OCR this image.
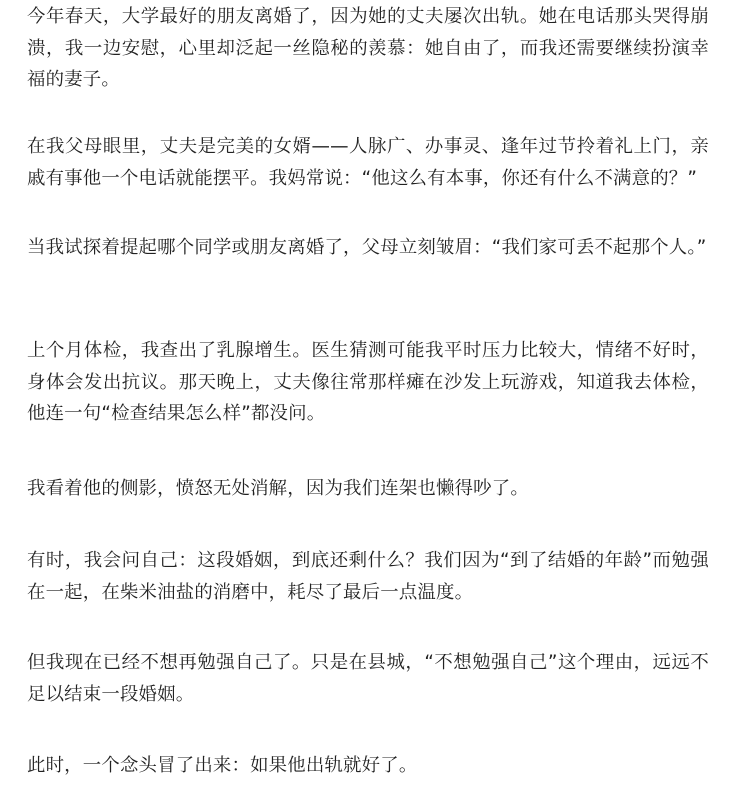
今年春天，大学最好的朋友离婚了，因为她的丈夫屡次出轨。她在电话那头哭得崩溃，我一边安慰，心里却泛起一丝隐秘的羡慕：她自由了，而我还需要继续扮演幸福的妻子。

在我父母眼里，丈夫是完美的女婿——人脉广、办事灵、逢年过节拎着礼上门，亲戚有事他一个电话就能摆平。我妈常说：“他这么有本事，你还有什么不满意的？”

当我试探着提起哪个同学或朋友离婚了，父母立刻皱眉：“我们家可丢不起那个人。”

上个月体检，我查出了乳腺增生。医生猜测可能我平时压力比较大，情绪不好时，身体会发出抗议。那天晚上，丈夫像往常那样瘫在沙发上玩游戏，知道我去体检，他连一句“检查结果怎么样”都没问。

我看着他的侧影，愤怒无处消解，因为我们连架也懒得吵了。

有时，我会问自己：这段婚姻，到底还剩什么？我们因为“到了结婚的年龄”而勉强在一起，在柴米油盐的消磨中，耗尽了最后一点温度。

但我现在已经不想再勉强自己了。只是在县城，“不想勉强自己”这个理由，远远不足以结束一段婚姻。

此时，一个念头冒了出来：如果他出轨就好了。
